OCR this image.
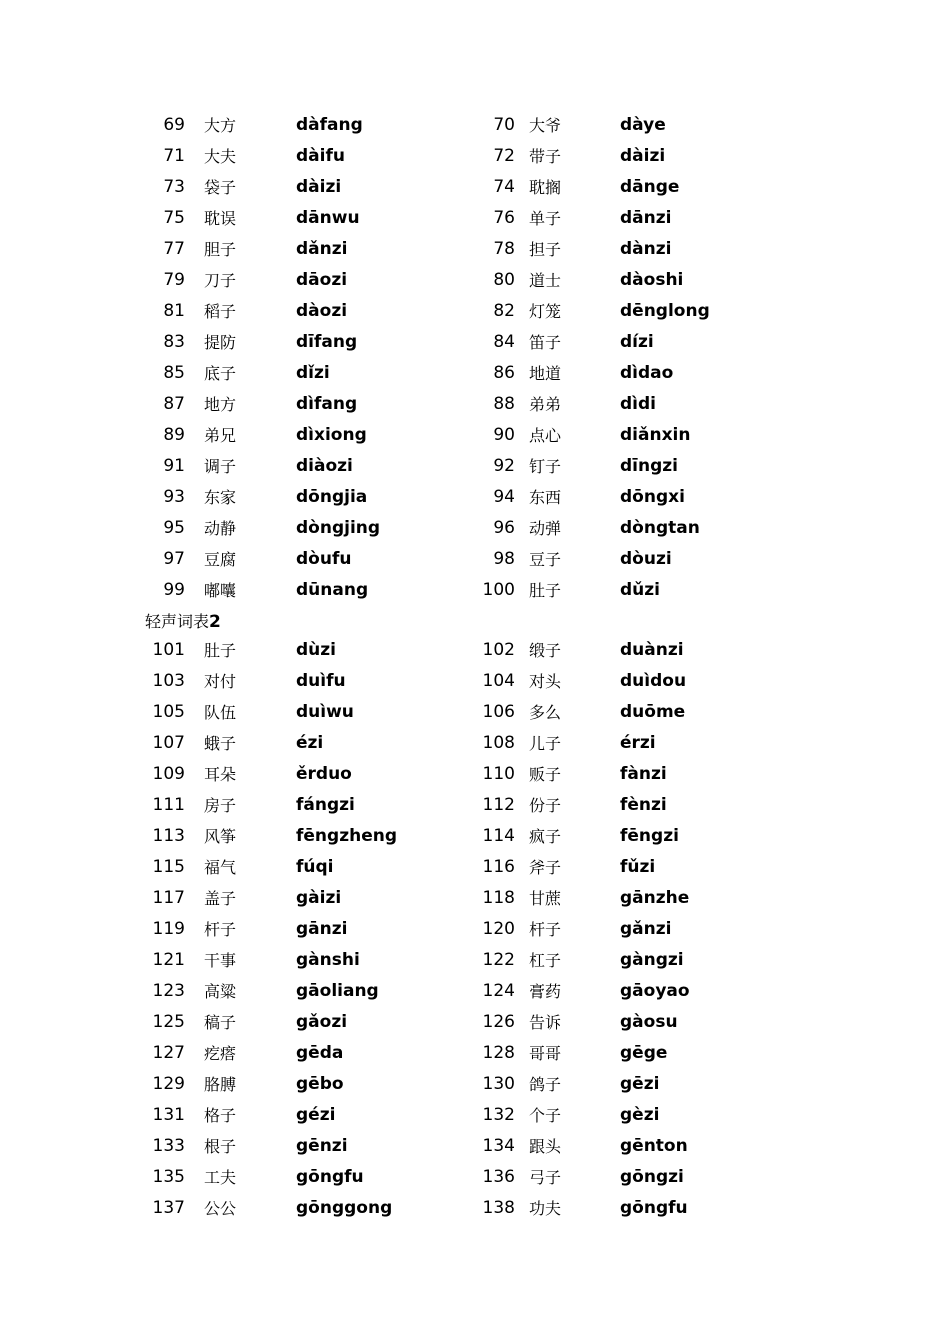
69 大方	dàfang	70 大爷	dàye
71 大夫	dàifu	72 带子	dàizi
73 袋子	dàizi	74 耽搁	dānge
75 耽误	dānwu	76 单子	dānzi
77 胆子	dǎnzi	78 担子	dànzi
79 刀子	dāozi	80 道士	dàoshi
81 稻子	dàozi	82 灯笼	dēnglong
83 提防	dīfang	84 笛子	dízi
85 底子	dǐzi	86 地道	dìdao
87 地方	dìfang	88 弟弟	dìdi
89 弟兄	dìxiong	90 点心	diǎnxin
91 调子	diàozi	92 钉子	dīngzi
93 东家	dōngjia	94 东西	dōngxi
95 动静	dòngjing	96 动弹	dòngtan
97 豆腐	dòufu	98 豆子	dòuzi
99 嘟囔	dūnang	100 肚子	dǔzi
轻声词表2
101 肚子	dùzi	102 缎子	duànzi
103 对付	duìfu	104 对头	duìdou
105 队伍	duìwu	106 多么	duōme
107 蛾子	ézi	108 儿子	érzi
109 耳朵	ěrduo	110 贩子	fànzi
111 房子	fángzi	112 份子	fènzi
113 风筝	fēngzheng	114 疯子	fēngzi
115 福气	fúqi	116 斧子	fǔzi
117 盖子	gàizi	118 甘蔗	gānzhe
119 杆子	gānzi	120 杆子	gǎnzi
121 干事	gànshi	122 杠子	gàngzi
123 高粱	gāoliang	124 膏药	gāoyao
125 稿子	gǎozi	126 告诉	gàosu
127 疙瘩	gēda	128 哥哥	gēge
129 胳膊	gēbo	130 鸽子	gēzi
131 格子	gézi	132 个子	gèzi
133 根子	gēnzi	134 跟头	gēnton
135 工夫	gōngfu	136 弓子	gōngzi
137 公公	gōnggong	138 功夫	gōngfu
